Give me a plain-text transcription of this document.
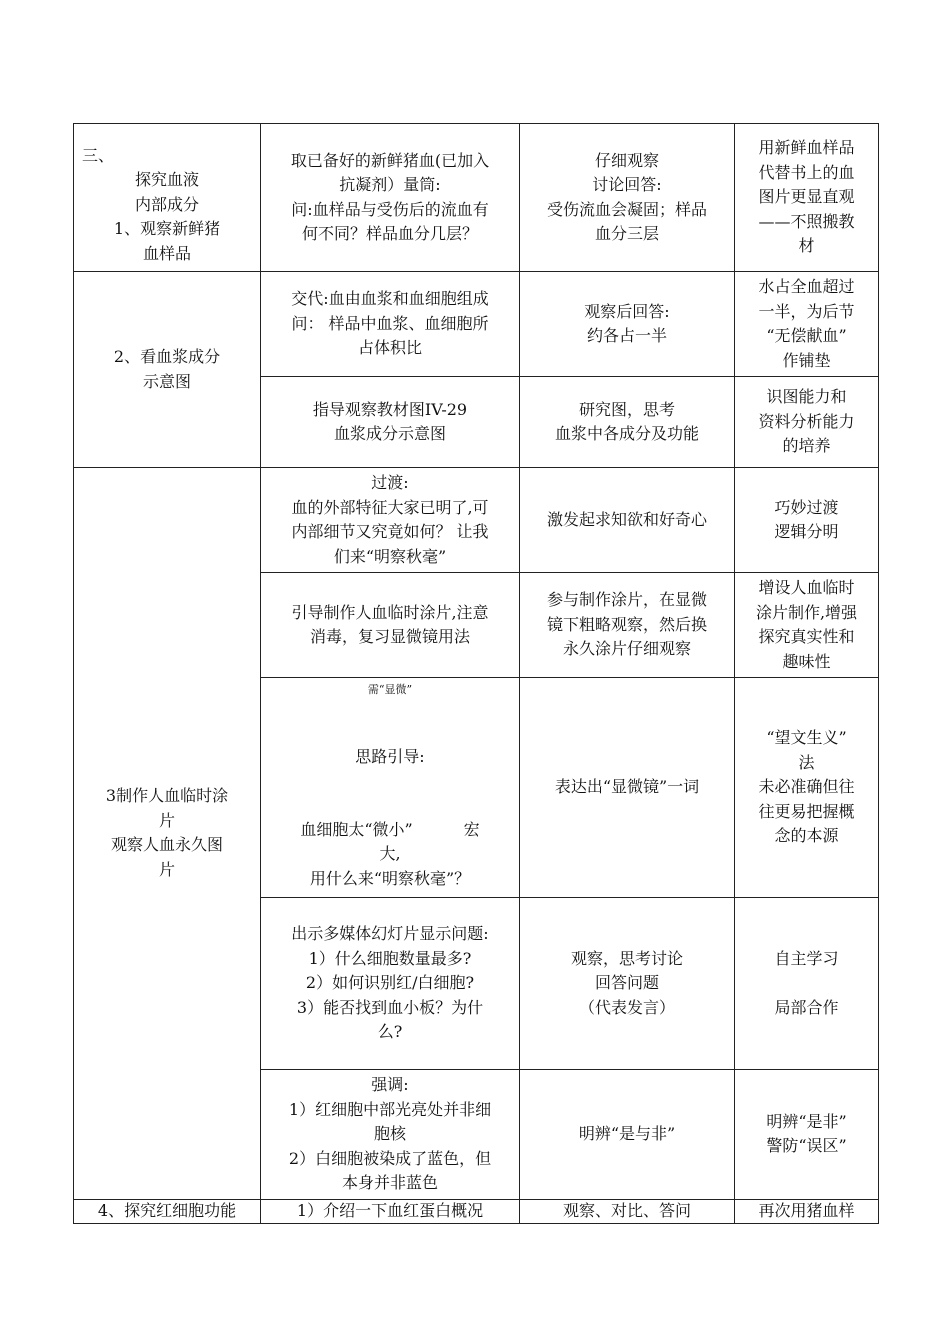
三、
探究血液
内部成分
1、观察新鲜猪
血样品	取已备好的新鲜猪血(已加入
抗凝剂）量筒:
问:血样品与受伤后的流血有
何不同？样品血分几层？	仔细观察
讨论回答:
受伤流血会凝固；样品
血分三层	用新鲜血样品
代替书上的血
图片更显直观
——不照搬教
材

2、看血浆成分
示意图	交代:血由血浆和血细胞组成
问： 样品中血浆、血细胞所
占体积比	观察后回答:
约各占一半	水占全血超过
一半，为后节
“无偿献血”
作铺垫

	指导观察教材图IV-29
血浆成分示意图	研究图，思考
血浆中各成分及功能	识图能力和
资料分析能力
的培养

3制作人血临时涂
片
观察人血永久图
片	过渡:
血的外部特征大家已明了,可
内部细节又究竟如何？ 让我
们来“明察秋毫”	激发起求知欲和好奇心	巧妙过渡
逻辑分明

	引导制作人血临时涂片,注意
消毒，复习显微镜用法	参与制作涂片，在显微
镜下粗略观察，然后换
永久涂片仔细观察	增设人血临时
涂片制作,增强
探究真实性和
趣味性

	需“显微”
思路引导:
血细胞太“微小”          宏
大,
用什么来“明察秋毫”？	表达出“显微镜”一词	“望文生义”
法
未必准确但往
往更易把握概
念的本源

	出示多媒体幻灯片显示问题:
1）什么细胞数量最多?
2）如何识别红/白细胞?
3）能否找到血小板？为什
么?	观察，思考讨论
回答问题
（代表发言）	自主学习
局部合作

	强调:
1）红细胞中部光亮处并非细
胞核
2）白细胞被染成了蓝色，但
本身并非蓝色	明辨“是与非”	明辨“是非”
警防“误区”

4、探究红细胞功能	1）介绍一下血红蛋白概况	观察、对比、答问	再次用猪血样
